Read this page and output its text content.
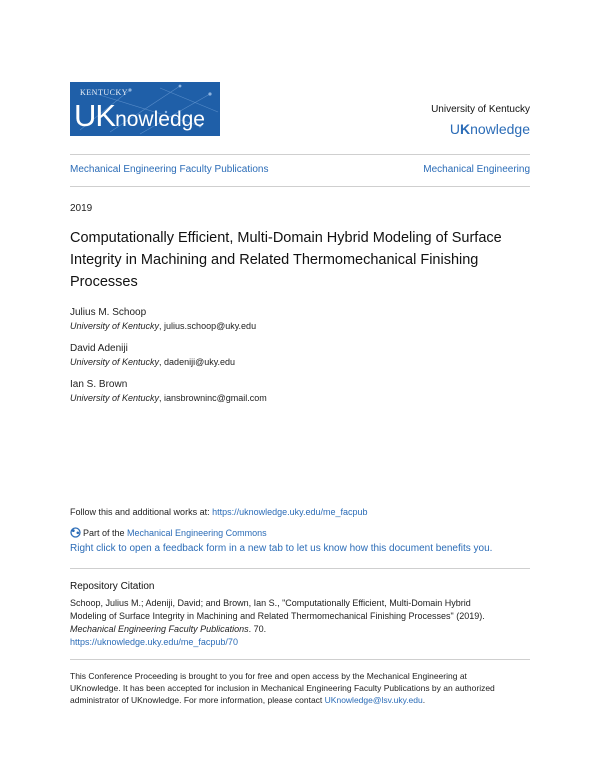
KENTUCKY
UKnowledge	University of Kentucky
UKnowledge
Mechanical Engineering Faculty Publications	Mechanical Engineering
2019
Computationally Efficient, Multi-Domain Hybrid Modeling of Surface Integrity in Machining and Related Thermomechanical Finishing Processes
Julius M. Schoop
University of Kentucky, julius.schoop@uky.edu
David Adeniji
University of Kentucky, dadeniji@uky.edu
Ian S. Brown
University of Kentucky, iansbrowninc@gmail.com
Follow this and additional works at: https://uknowledge.uky.edu/me_facpub
Part of the Mechanical Engineering Commons
Right click to open a feedback form in a new tab to let us know how this document benefits you.
Repository Citation
Schoop, Julius M.; Adeniji, David; and Brown, Ian S., "Computationally Efficient, Multi-Domain Hybrid
Modeling of Surface Integrity in Machining and Related Thermomechanical Finishing Processes" (2019).
Mechanical Engineering Faculty Publications. 70.
https://uknowledge.uky.edu/me_facpub/70
This Conference Proceeding is brought to you for free and open access by the Mechanical Engineering at
UKnowledge. It has been accepted for inclusion in Mechanical Engineering Faculty Publications by an authorized
administrator of UKnowledge. For more information, please contact UKnowledge@lsv.uky.edu.
